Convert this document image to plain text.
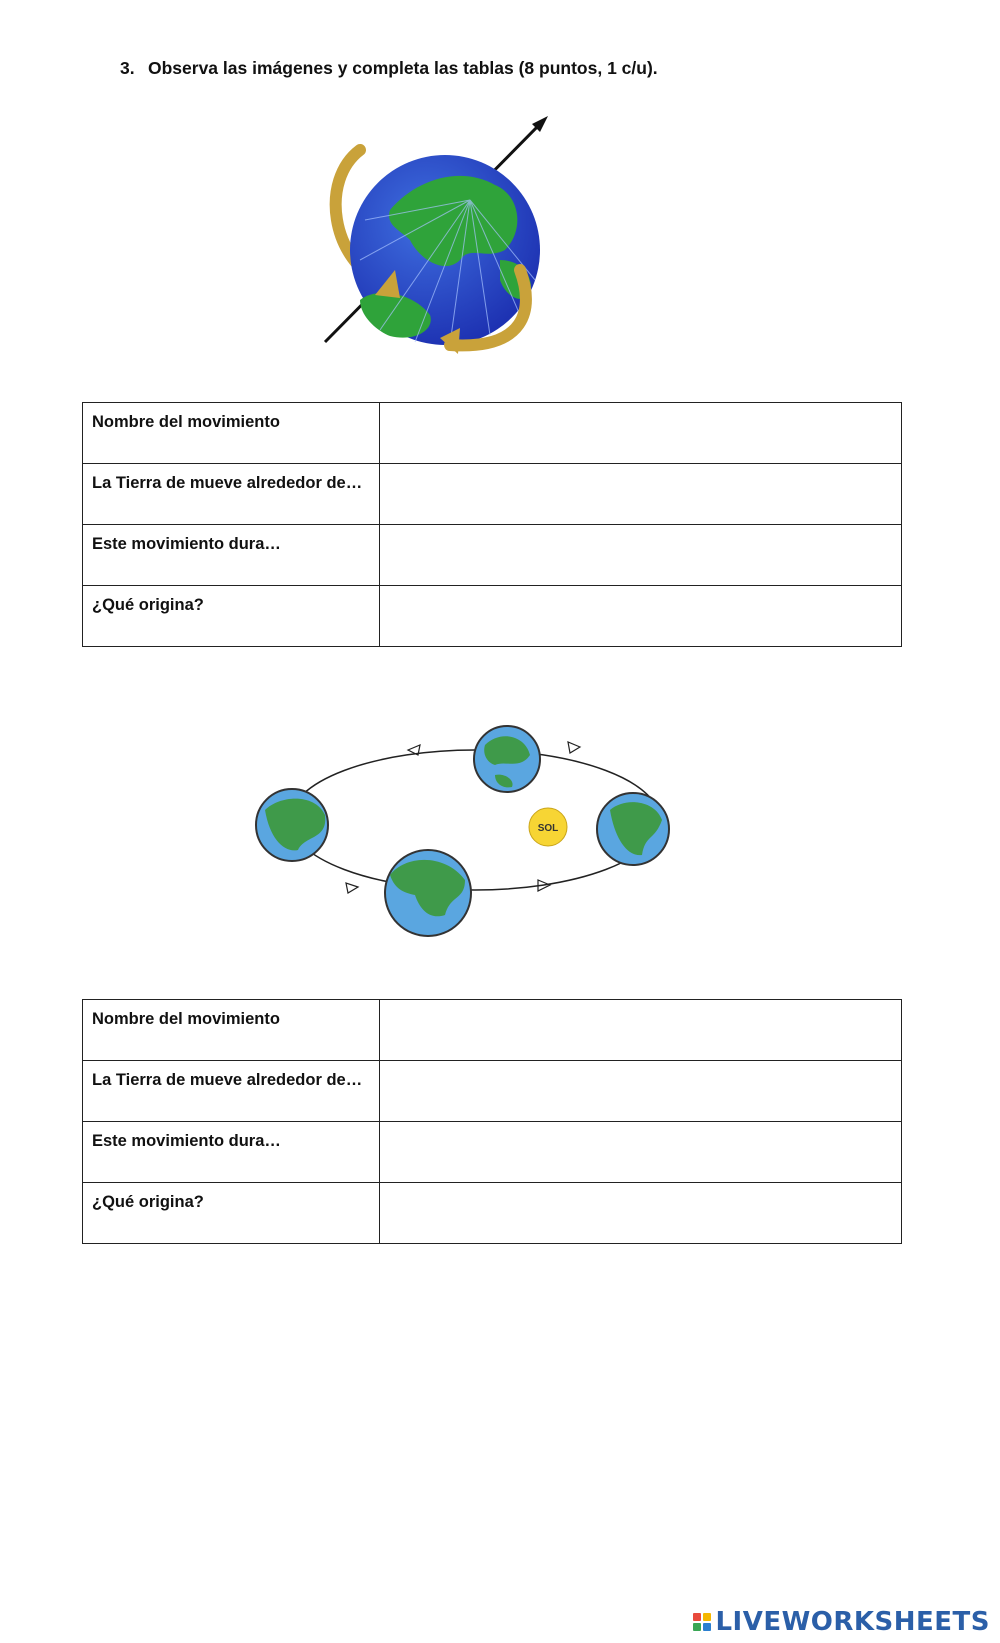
3. Observa las imágenes y completa las tablas (8 puntos, 1 c/u).
Nombre del movimiento	
La Tierra de mueve alrededor de…	
Este movimiento dura…	
¿Qué origina?	
SOL
Nombre del movimiento	
La Tierra de mueve alrededor de…	
Este movimiento dura…	
¿Qué origina?	
LIVEWORKSHEETS
